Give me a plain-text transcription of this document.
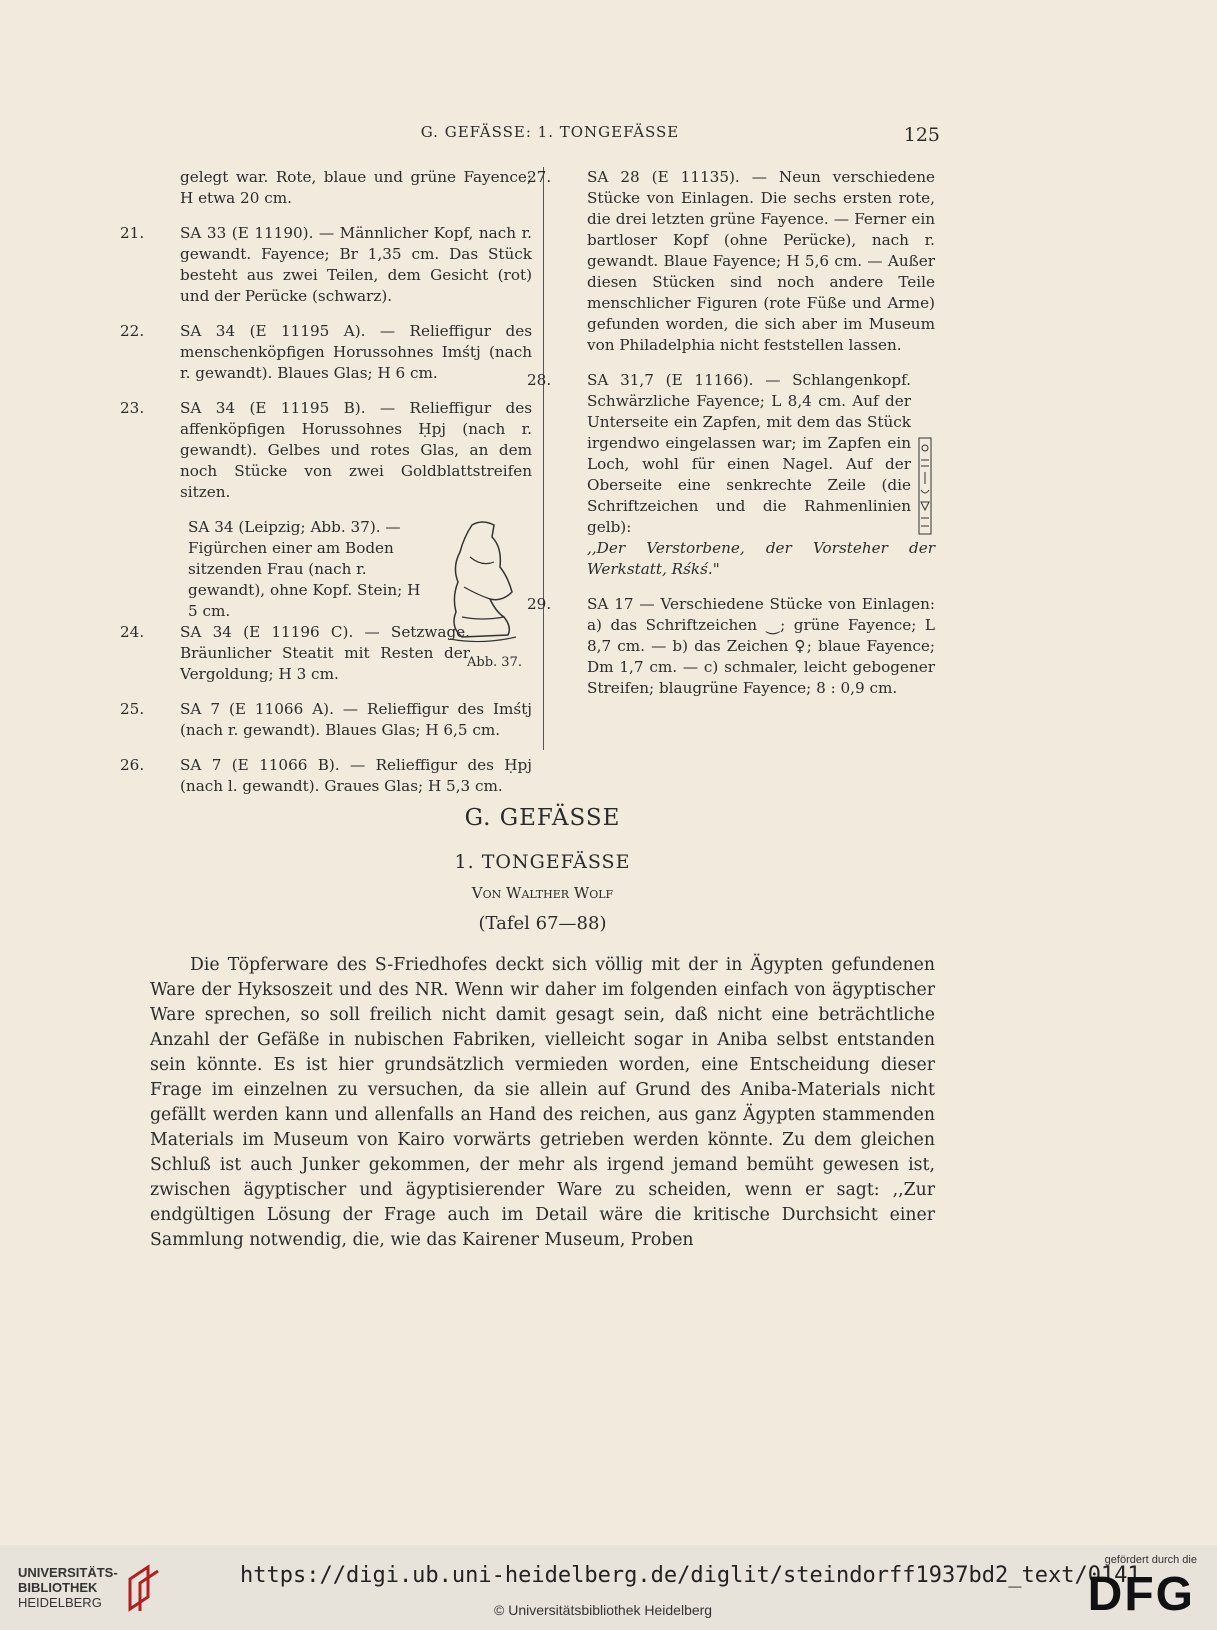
G. GEFÄSSE: 1. TONGEFÄSSE	125

gelegt war. Rote, blaue und grüne Fayence; H etwa 20 cm.

21. SA 33 (E 11190). — Männlicher Kopf, nach r. gewandt. Fayence; Br 1,35 cm. Das Stück besteht aus zwei Teilen, dem Gesicht (rot) und der Perücke (schwarz).
22. SA 34 (E 11195 A). — Relieffigur des menschenköpfigen Horussohnes Imśtj (nach r. gewandt). Blaues Glas; H 6 cm.
23. SA 34 (E 11195 B). — Relieffigur des affenköpfigen Horussohnes Ḥpj (nach r. gewandt). Gelbes und rotes Glas, an dem noch Stücke von zwei Goldblattstreifen sitzen.
SA 34 (Leipzig; Abb. 37). — Figürchen einer am Boden sitzenden Frau (nach r. gewandt), ohne Kopf. Stein; H 5 cm.
Abb. 37.
24. SA 34 (E 11196 C). — Setzwage. Bräunlicher Steatit mit Resten der Vergoldung; H 3 cm.
25. SA 7 (E 11066 A). — Relieffigur des Imśtj (nach r. gewandt). Blaues Glas; H 6,5 cm.
26. SA 7 (E 11066 B). — Relieffigur des Ḥpj (nach l. gewandt). Graues Glas; H 5,3 cm.
27. SA 28 (E 11135). — Neun verschiedene Stücke von Einlagen. Die sechs ersten rote, die drei letzten grüne Fayence. — Ferner ein bartloser Kopf (ohne Perücke), nach r. gewandt. Blaue Fayence; H 5,6 cm. — Außer diesen Stücken sind noch andere Teile menschlicher Figuren (rote Füße und Arme) gefunden worden, die sich aber im Museum von Philadelphia nicht feststellen lassen.
28. SA 31,7 (E 11166). — Schlangenkopf. Schwärzliche Fayence; L 8,4 cm. Auf der Unterseite ein Zapfen, mit dem das Stück irgendwo eingelassen war; im Zapfen ein Loch, wohl für einen Nagel. Auf der Oberseite eine senkrechte Zeile (die Schriftzeichen und die Rahmenlinien gelb):
,,Der Verstorbene, der Vorsteher der Werkstatt, Rśkś."
29. SA 17 — Verschiedene Stücke von Einlagen: a) das Schriftzeichen ⏝; grüne Fayence; L 8,7 cm. — b) das Zeichen ♀; blaue Fayence; Dm 1,7 cm. — c) schmaler, leicht gebogener Streifen; blaugrüne Fayence; 8 : 0,9 cm.
G. GEFÄSSE
1. TONGEFÄSSE
Von Walther Wolf
(Tafel 67—88)

Die Töpferware des S-Friedhofes deckt sich völlig mit der in Ägypten gefundenen Ware der Hyksoszeit und des NR. Wenn wir daher im folgenden einfach von ägyptischer Ware sprechen, so soll freilich nicht damit gesagt sein, daß nicht eine beträchtliche Anzahl der Gefäße in nubischen Fabriken, vielleicht sogar in Aniba selbst entstanden sein könnte. Es ist hier grundsätzlich vermieden worden, eine Entscheidung dieser Frage im einzelnen zu versuchen, da sie allein auf Grund des Aniba-Materials nicht gefällt werden kann und allenfalls an Hand des reichen, aus ganz Ägypten stammenden Materials im Museum von Kairo vorwärts getrieben werden könnte. Zu dem gleichen Schluß ist auch Junker gekommen, der mehr als irgend jemand bemüht gewesen ist, zwischen ägyptischer und ägyptisierender Ware zu scheiden, wenn er sagt: ,,Zur endgültigen Lösung der Frage auch im Detail wäre die kritische Durchsicht einer Sammlung notwendig, die, wie das Kairener Museum, Proben

UNIVERSITÄTS-
BIBLIOTHEK
HEIDELBERG
https://digi.ub.uni-heidelberg.de/diglit/steindorff1937bd2_text/0141
© Universitätsbibliothek Heidelberg
gefördert durch die
DFG
